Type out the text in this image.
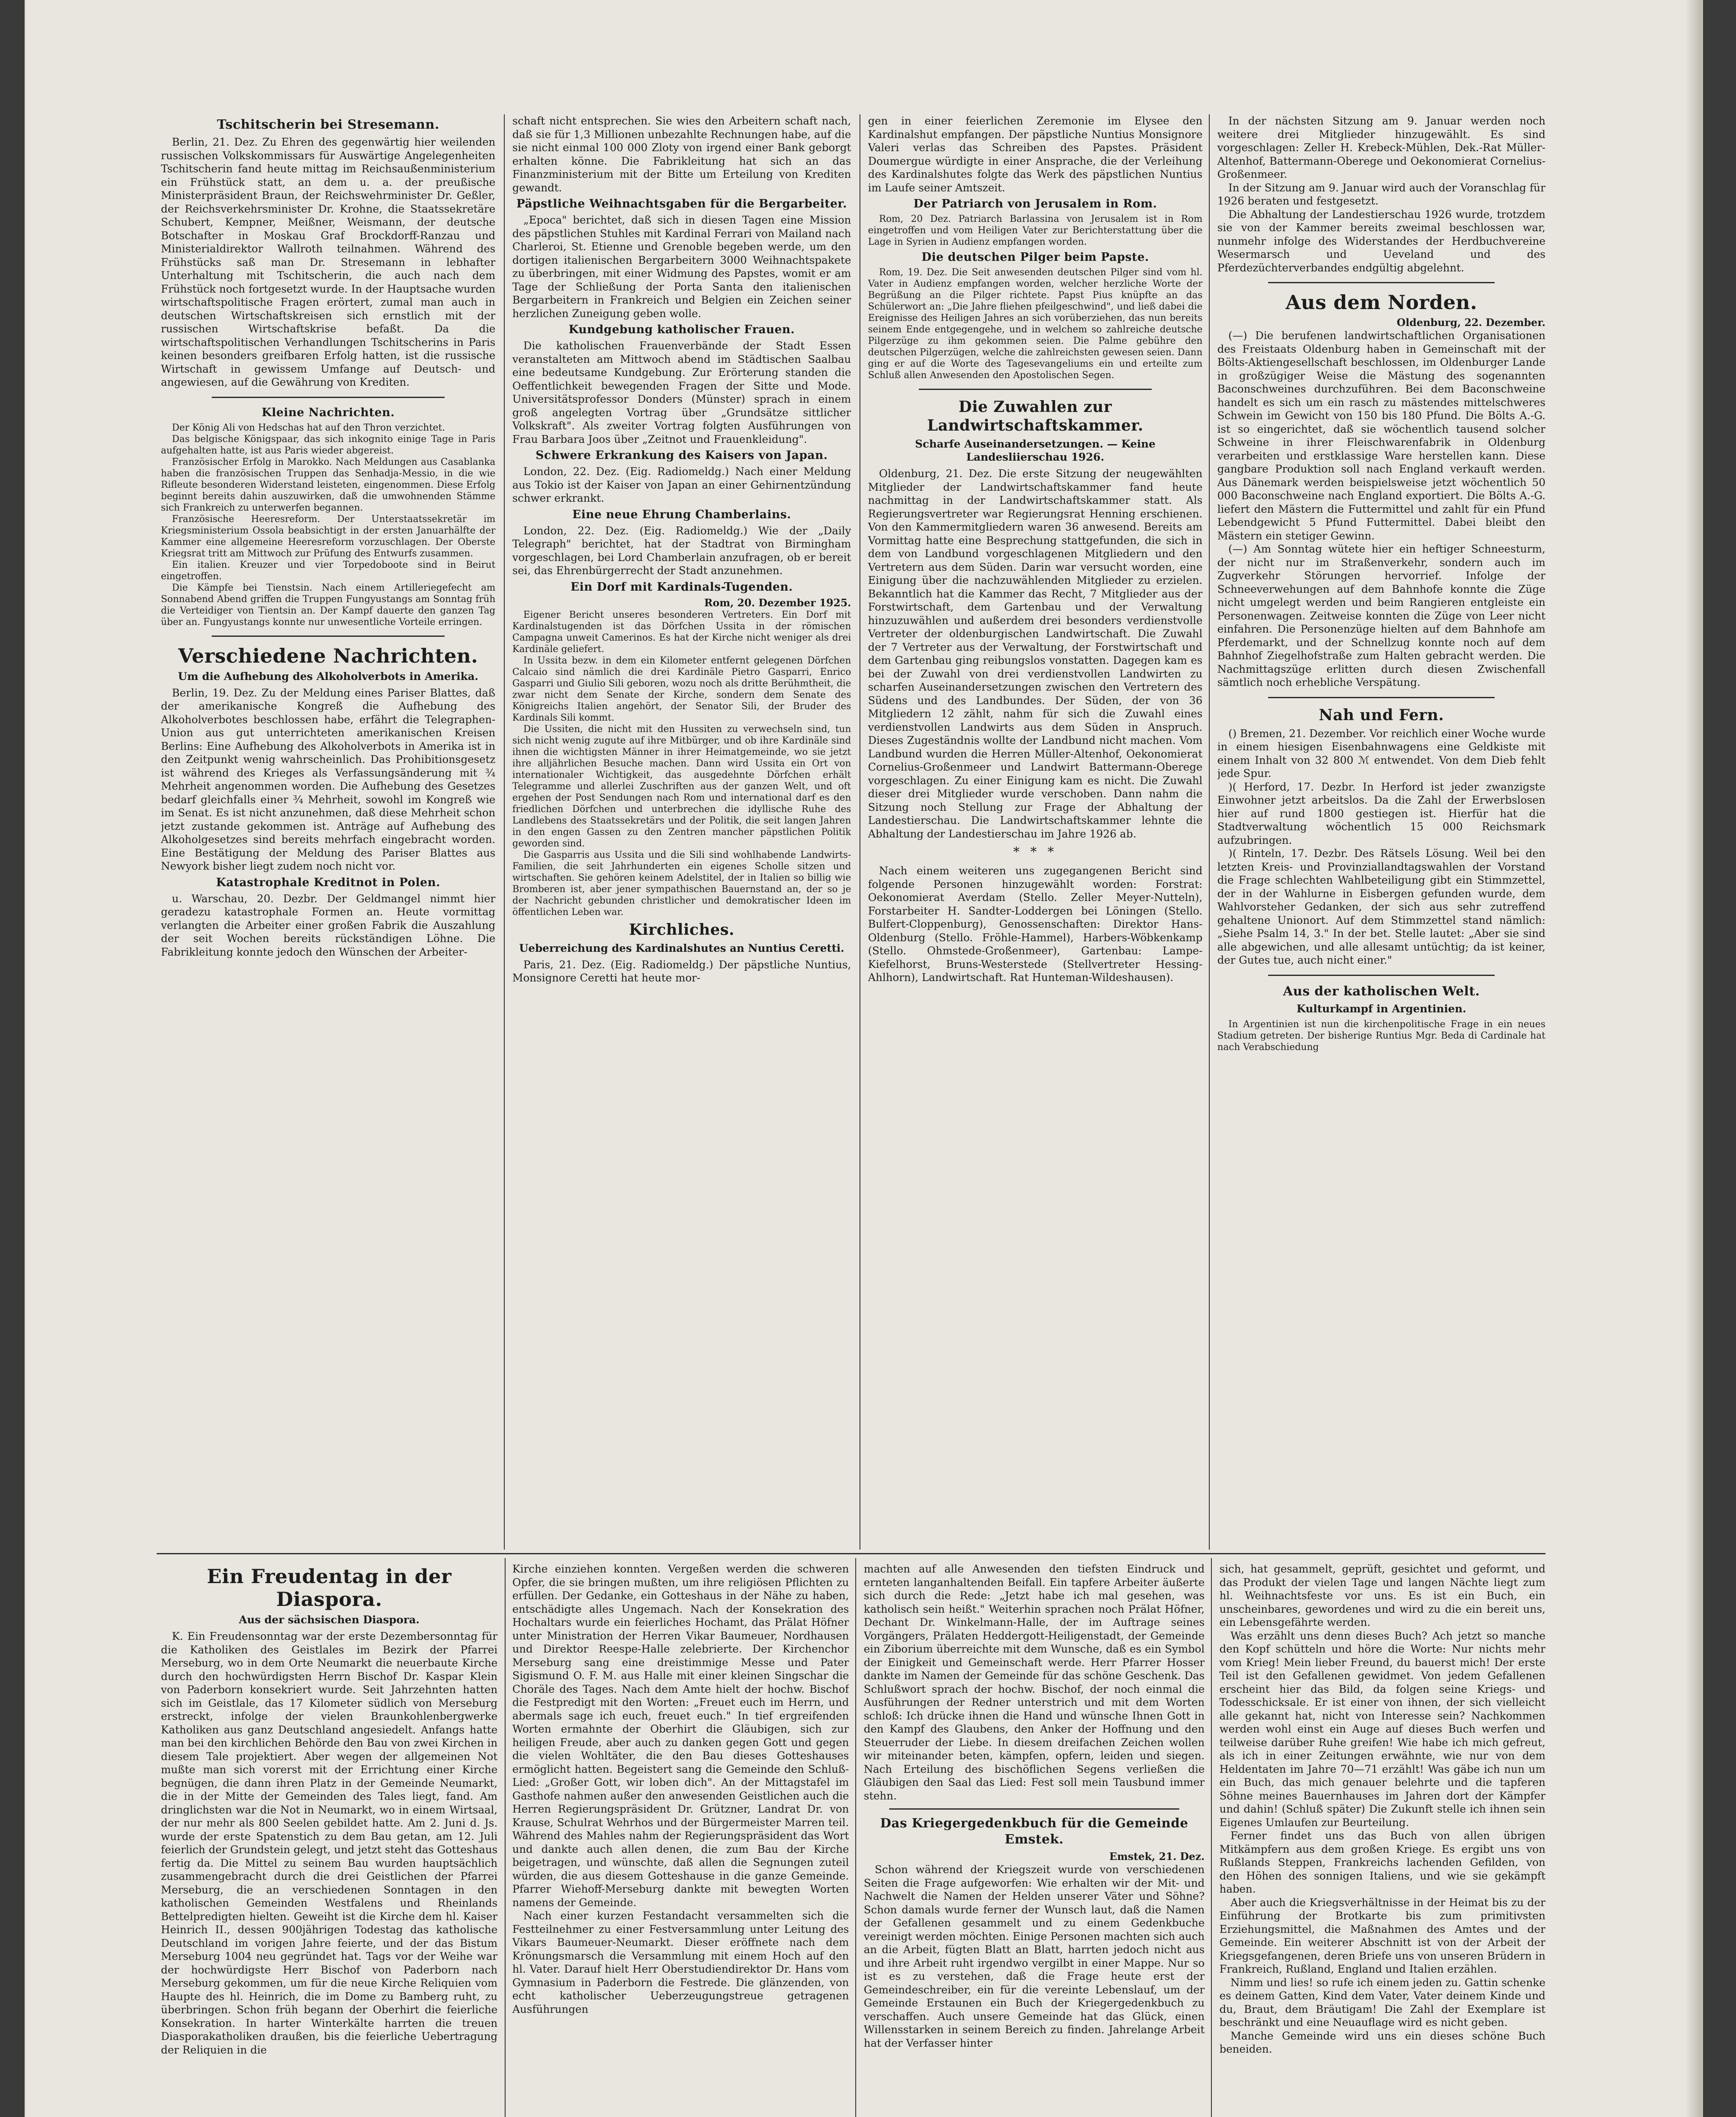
Tschitscherin bei Stresemann.

Berlin, 21. Dez. Zu Ehren des gegenwärtig hier weilenden russischen Volkskommissars für Auswärtige Angelegenheiten Tschitscherin fand heute mittag im Reichsaußenministerium ein Frühstück statt, an dem u. a. der preußische Ministerpräsident Braun, der Reichswehrminister Dr. Geßler, der Reichsverkehrsminister Dr. Krohne, die Staatssekretäre Schubert, Kempner, Meißner, Weismann, der deutsche Botschafter in Moskau Graf Brockdorff-Ranzau und Ministerialdirektor Wallroth teilnahmen. Während des Frühstücks saß man Dr. Stresemann in lebhafter Unterhaltung mit Tschitscherin, die auch nach dem Frühstück noch fortgesetzt wurde. In der Hauptsache wurden wirtschaftspolitische Fragen erörtert, zumal man auch in deutschen Wirtschaftskreisen sich ernstlich mit der russischen Wirtschaftskrise befaßt. Da die wirtschaftspolitischen Verhandlungen Tschitscherins in Paris keinen besonders greifbaren Erfolg hatten, ist die russische Wirtschaft in gewissem Umfange auf Deutsch- und angewiesen, auf die Gewährung von Krediten.

Kleine Nachrichten.

Der König Ali von Hedschas hat auf den Thron verzichtet.

Das belgische Königspaar, das sich inkognito einige Tage in Paris aufgehalten hatte, ist aus Paris wieder abgereist.

Französischer Erfolg in Marokko. Nach Meldungen aus Casablanka haben die französischen Truppen das Senhadja-Messio, in die wie Rifleute besonderen Widerstand leisteten, eingenommen. Diese Erfolg beginnt bereits dahin auszuwirken, daß die umwohnenden Stämme sich Frankreich zu unterwerfen begannen.

Französische Heeresreform. Der Unterstaatssekretär im Kriegsministerium Ossola beabsichtigt in der ersten Januarhälfte der Kammer eine allgemeine Heeresreform vorzuschlagen. Der Oberste Kriegsrat tritt am Mittwoch zur Prüfung des Entwurfs zusammen.

Ein italien. Kreuzer und vier Torpedoboote sind in Beirut eingetroffen.

Die Kämpfe bei Tienstsin. Nach einem Artilleriegefecht am Sonnabend Abend griffen die Truppen Fungyustangs am Sonntag früh die Verteidiger von Tientsin an. Der Kampf dauerte den ganzen Tag über an. Fungyustangs konnte nur unwesentliche Vorteile erringen.

Verschiedene Nachrichten.
Um die Aufhebung des Alkoholverbots in Amerika.

Berlin, 19. Dez. Zu der Meldung eines Pariser Blattes, daß der amerikanische Kongreß die Aufhebung des Alkoholverbotes beschlossen habe, erfährt die Telegraphen-Union aus gut unterrichteten amerikanischen Kreisen Berlins: Eine Aufhebung des Alkoholverbots in Amerika ist in den Zeitpunkt wenig wahrscheinlich. Das Prohibitionsgesetz ist während des Krieges als Verfassungsänderung mit ¾ Mehrheit angenommen worden. Die Aufhebung des Gesetzes bedarf gleichfalls einer ¾ Mehrheit, sowohl im Kongreß wie im Senat. Es ist nicht anzunehmen, daß diese Mehrheit schon jetzt zustande gekommen ist. Anträge auf Aufhebung des Alkoholgesetzes sind bereits mehrfach eingebracht worden. Eine Bestätigung der Meldung des Pariser Blattes aus Newyork bisher liegt zudem noch nicht vor.

Katastrophale Kreditnot in Polen.

u. Warschau, 20. Dezbr. Der Geldmangel nimmt hier geradezu katastrophale Formen an. Heute vormittag verlangten die Arbeiter einer großen Fabrik die Auszahlung der seit Wochen bereits rückständigen Löhne. Die Fabrikleitung konnte jedoch den Wünschen der Arbeiter-

schaft nicht entsprechen. Sie wies den Arbeitern schaft nach, daß sie für 1,3 Millionen unbezahlte Rechnungen habe, auf die sie nicht einmal 100 000 Zloty von irgend einer Bank geborgt erhalten könne. Die Fabrikleitung hat sich an das Finanzministerium mit der Bitte um Erteilung von Krediten gewandt.

Päpstliche Weihnachtsgaben für die Bergarbeiter.

„Epoca" berichtet, daß sich in diesen Tagen eine Mission des päpstlichen Stuhles mit Kardinal Ferrari von Mailand nach Charleroi, St. Etienne und Grenoble begeben werde, um den dortigen italienischen Bergarbeitern 3000 Weihnachtspakete zu überbringen, mit einer Widmung des Papstes, womit er am Tage der Schließung der Porta Santa den italienischen Bergarbeitern in Frankreich und Belgien ein Zeichen seiner herzlichen Zuneigung geben wolle.

Kundgebung katholischer Frauen.

Die katholischen Frauenverbände der Stadt Essen veranstalteten am Mittwoch abend im Städtischen Saalbau eine bedeutsame Kundgebung. Zur Erörterung standen die Oeffentlichkeit bewegenden Fragen der Sitte und Mode. Universitätsprofessor Donders (Münster) sprach in einem groß angelegten Vortrag über „Grundsätze sittlicher Volkskraft". Als zweiter Vortrag folgten Ausführungen von Frau Barbara Joos über „Zeitnot und Frauenkleidung".

Schwere Erkrankung des Kaisers von Japan.

London, 22. Dez. (Eig. Radiomeldg.) Nach einer Meldung aus Tokio ist der Kaiser von Japan an einer Gehirnentzündung schwer erkrankt.

Eine neue Ehrung Chamberlains.

London, 22. Dez. (Eig. Radiomeldg.) Wie der „Daily Telegraph" berichtet, hat der Stadtrat von Birmingham vorgeschlagen, bei Lord Chamberlain anzufragen, ob er bereit sei, das Ehrenbürgerrecht der Stadt anzunehmen.

Ein Dorf mit Kardinals-Tugenden.

Rom, 20. Dezember 1925.

Eigener Bericht unseres besonderen Vertreters. Ein Dorf mit Kardinalstugenden ist das Dörfchen Ussita in der römischen Campagna unweit Camerinos. Es hat der Kirche nicht weniger als drei Kardinäle geliefert.

In Ussita bezw. in dem ein Kilometer entfernt gelegenen Dörfchen Calcaio sind nämlich die drei Kardinäle Pietro Gasparri, Enrico Gasparri und Giulio Sili geboren, wozu noch als dritte Berühmtheit, die zwar nicht dem Senate der Kirche, sondern dem Senate des Königreichs Italien angehört, der Senator Sili, der Bruder des Kardinals Sili kommt.

Die Ussiten, die nicht mit den Hussiten zu verwechseln sind, tun sich nicht wenig zugute auf ihre Mitbürger, und ob ihre Kardinäle sind ihnen die wichtigsten Männer in ihrer Heimatgemeinde, wo sie jetzt ihre alljährlichen Besuche machen. Dann wird Ussita ein Ort von internationaler Wichtigkeit, das ausgedehnte Dörfchen erhält Telegramme und allerlei Zuschriften aus der ganzen Welt, und oft ergehen der Post Sendungen nach Rom und international darf es den friedlichen Dörfchen und unterbrechen die idyllische Ruhe des Landlebens des Staatssekretärs und der Politik, die seit langen Jahren in den engen Gassen zu den Zentren mancher päpstlichen Politik geworden sind.

Die Gasparris aus Ussita und die Sili sind wohlhabende Landwirts-Familien, die seit Jahrhunderten ein eigenes Scholle sitzen und wirtschaften. Sie gehören keinem Adelstitel, der in Italien so billig wie Bromberen ist, aber jener sympathischen Bauernstand an, der so je der Nachricht gebunden christlicher und demokratischer Ideen im öffentlichen Leben war.

Kirchliches.
Ueberreichung des Kardinalshutes an Nuntius Ceretti.

Paris, 21. Dez. (Eig. Radiomeldg.) Der päpstliche Nuntius, Monsignore Ceretti hat heute mor-

gen in einer feierlichen Zeremonie im Elysee den Kardinalshut empfangen. Der päpstliche Nuntius Monsignore Valeri verlas das Schreiben des Papstes. Präsident Doumergue würdigte in einer Ansprache, die der Verleihung des Kardinalshutes folgte das Werk des päpstlichen Nuntius im Laufe seiner Amtszeit.

Der Patriarch von Jerusalem in Rom.

Rom, 20 Dez. Patriarch Barlassina von Jerusalem ist in Rom eingetroffen und vom Heiligen Vater zur Berichterstattung über die Lage in Syrien in Audienz empfangen worden.

Die deutschen Pilger beim Papste.

Rom, 19. Dez. Die Seit anwesenden deutschen Pilger sind vom hl. Vater in Audienz empfangen worden, welcher herzliche Worte der Begrüßung an die Pilger richtete. Papst Pius knüpfte an das Schülerwort an: „Die Jahre fliehen pfeilgeschwind", und ließ dabei die Ereignisse des Heiligen Jahres an sich vorüberziehen, das nun bereits seinem Ende entgegengehe, und in welchem so zahlreiche deutsche Pilgerzüge zu ihm gekommen seien. Die Palme gebühre den deutschen Pilgerzügen, welche die zahlreichsten gewesen seien. Dann ging er auf die Worte des Tagesevangeliums ein und erteilte zum Schluß allen Anwesenden den Apostolischen Segen.

Die Zuwahlen zur Landwirtschaftskammer.
Scharfe Auseinandersetzungen. — Keine Landesliierschau 1926.

Oldenburg, 21. Dez. Die erste Sitzung der neugewählten Mitglieder der Landwirtschaftskammer fand heute nachmittag in der Landwirtschaftskammer statt. Als Regierungsvertreter war Regierungsrat Henning erschienen. Von den Kammermitgliedern waren 36 anwesend. Bereits am Vormittag hatte eine Besprechung stattgefunden, die sich in dem von Landbund vorgeschlagenen Mitgliedern und den Vertretern aus dem Süden. Darin war versucht worden, eine Einigung über die nachzuwählenden Mitglieder zu erzielen. Bekanntlich hat die Kammer das Recht, 7 Mitglieder aus der Forstwirtschaft, dem Gartenbau und der Verwaltung hinzuzuwählen und außerdem drei besonders verdienstvolle Vertreter der oldenburgischen Landwirtschaft. Die Zuwahl der 7 Vertreter aus der Verwaltung, der Forstwirtschaft und dem Gartenbau ging reibungslos vonstatten. Dagegen kam es bei der Zuwahl von drei verdienstvollen Landwirten zu scharfen Auseinandersetzungen zwischen den Vertretern des Südens und des Landbundes. Der Süden, der von 36 Mitgliedern 12 zählt, nahm für sich die Zuwahl eines verdienstvollen Landwirts aus dem Süden in Anspruch. Dieses Zugeständnis wollte der Landbund nicht machen. Vom Landbund wurden die Herren Müller-Altenhof, Oekonomierat Cornelius-Großenmeer und Landwirt Battermann-Oberege vorgeschlagen. Zu einer Einigung kam es nicht. Die Zuwahl dieser drei Mitglieder wurde verschoben. Dann nahm die Sitzung noch Stellung zur Frage der Abhaltung der Landestierschau. Die Landwirtschaftskammer lehnte die Abhaltung der Landestierschau im Jahre 1926 ab.

* * *

Nach einem weiteren uns zugegangenen Bericht sind folgende Personen hinzugewählt worden: Forstrat: Oekonomierat Averdam (Stello. Zeller Meyer-Nutteln), Forstarbeiter H. Sandter-Loddergen bei Löningen (Stello. Bulfert-Cloppenburg), Genossenschaften: Direktor Hans-Oldenburg (Stello. Fröhle-Hammel), Harbers-Wöbkenkamp (Stello. Ohmstede-Großenmeer), Gartenbau: Lampe-Kiefelhorst, Bruns-Westerstede (Stellvertreter Hessing-Ahlhorn), Landwirtschaft. Rat Hunteman-Wildeshausen).

In der nächsten Sitzung am 9. Januar werden noch weitere drei Mitglieder hinzugewählt. Es sind vorgeschlagen: Zeller H. Krebeck-Mühlen, Dek.-Rat Müller-Altenhof, Battermann-Oberege und Oekonomierat Cornelius-Großenmeer.

In der Sitzung am 9. Januar wird auch der Voranschlag für 1926 beraten und festgesetzt.

Die Abhaltung der Landestierschau 1926 wurde, trotzdem sie von der Kammer bereits zweimal beschlossen war, nunmehr infolge des Widerstandes der Herdbuchvereine Wesermarsch und Ueveland und des Pferdezüchterverbandes endgültig abgelehnt.

Aus dem Norden.

Oldenburg, 22. Dezember.

(—) Die berufenen landwirtschaftlichen Organisationen des Freistaats Oldenburg haben in Gemeinschaft mit der Bölts-Aktiengesellschaft beschlossen, im Oldenburger Lande in großzügiger Weise die Mästung des sogenannten Baconschweines durchzuführen. Bei dem Baconschweine handelt es sich um ein rasch zu mästendes mittelschweres Schwein im Gewicht von 150 bis 180 Pfund. Die Bölts A.-G. ist so eingerichtet, daß sie wöchentlich tausend solcher Schweine in ihrer Fleischwarenfabrik in Oldenburg verarbeiten und erstklassige Ware herstellen kann. Diese gangbare Produktion soll nach England verkauft werden. Aus Dänemark werden beispielsweise jetzt wöchentlich 50 000 Baconschweine nach England exportiert. Die Bölts A.-G. liefert den Mästern die Futtermittel und zahlt für ein Pfund Lebendgewicht 5 Pfund Futtermittel. Dabei bleibt den Mästern ein stetiger Gewinn.

(—) Am Sonntag wütete hier ein heftiger Schneesturm, der nicht nur im Straßenverkehr, sondern auch im Zugverkehr Störungen hervorrief. Infolge der Schneeverwehungen auf dem Bahnhofe konnte die Züge nicht umgelegt werden und beim Rangieren entgleiste ein Personenwagen. Zeitweise konnten die Züge von Leer nicht einfahren. Die Personenzüge hielten auf dem Bahnhofe am Pferdemarkt, und der Schnellzug konnte noch auf dem Bahnhof Ziegelhofstraße zum Halten gebracht werden. Die Nachmittagszüge erlitten durch diesen Zwischenfall sämtlich noch erhebliche Verspätung.

Nah und Fern.

() Bremen, 21. Dezember. Vor reichlich einer Woche wurde in einem hiesigen Eisenbahnwagens eine Geldkiste mit einem Inhalt von 32 800 ℳ entwendet. Von dem Dieb fehlt jede Spur.

)( Herford, 17. Dezbr. In Herford ist jeder zwanzigste Einwohner jetzt arbeitslos. Da die Zahl der Erwerbslosen hier auf rund 1800 gestiegen ist. Hierfür hat die Stadtverwaltung wöchentlich 15 000 Reichsmark aufzubringen.

)( Rinteln, 17. Dezbr. Des Rätsels Lösung. Weil bei den letzten Kreis- und Provinziallandtagswahlen der Vorstand die Frage schlechten Wahlbeteiligung gibt ein Stimmzettel, der in der Wahlurne in Eisbergen gefunden wurde, dem Wahlvorsteher Gedanken, der sich aus sehr zutreffend gehaltene Unionort. Auf dem Stimmzettel stand nämlich: „Siehe Psalm 14, 3." In der bet. Stelle lautet: „Aber sie sind alle abgewichen, und alle allesamt untüchtig; da ist keiner, der Gutes tue, auch nicht einer."

Aus der katholischen Welt.
Kulturkampf in Argentinien.

In Argentinien ist nun die kirchenpolitische Frage in ein neues Stadium getreten. Der bisherige Runtius Mgr. Beda di Cardinale hat nach Verabschiedung

Ein Freudentag in der Diaspora.
Aus der sächsischen Diaspora.

K. Ein Freudensonntag war der erste Dezembersonntag für die Katholiken des Geistlales im Bezirk der Pfarrei Merseburg, wo in dem Orte Neumarkt die neuerbaute Kirche durch den hochwürdigsten Herrn Bischof Dr. Kaspar Klein von Paderborn konsekriert wurde. Seit Jahrzehnten hatten sich im Geistlale, das 17 Kilometer südlich von Merseburg erstreckt, infolge der vielen Braunkohlenbergwerke Katholiken aus ganz Deutschland angesiedelt. Anfangs hatte man bei den kirchlichen Behörde den Bau von zwei Kirchen in diesem Tale projektiert. Aber wegen der allgemeinen Not mußte man sich vorerst mit der Errichtung einer Kirche begnügen, die dann ihren Platz in der Gemeinde Neumarkt, die in der Mitte der Gemeinden des Tales liegt, fand. Am dringlichsten war die Not in Neumarkt, wo in einem Wirtsaal, der nur mehr als 800 Seelen gebildet hatte. Am 2. Juni d. Js. wurde der erste Spatenstich zu dem Bau getan, am 12. Juli feierlich der Grundstein gelegt, und jetzt steht das Gotteshaus fertig da. Die Mittel zu seinem Bau wurden hauptsächlich zusammengebracht durch die drei Geistlichen der Pfarrei Merseburg, die an verschiedenen Sonntagen in den katholischen Gemeinden Westfalens und Rheinlands Bettelpredigten hielten. Geweiht ist die Kirche dem hl. Kaiser Heinrich II., dessen 900jährigen Todestag das katholische Deutschland im vorigen Jahre feierte, und der das Bistum Merseburg 1004 neu gegründet hat. Tags vor der Weihe war der hochwürdigste Herr Bischof von Paderborn nach Merseburg gekommen, um für die neue Kirche Reliquien vom Haupte des hl. Heinrich, die im Dome zu Bamberg ruht, zu überbringen. Schon früh begann der Oberhirt die feierliche Konsekration. In harter Winterkälte harrten die treuen Diasporakatholiken draußen, bis die feierliche Uebertragung der Reliquien in die

Kirche einziehen konnten. Vergeßen werden die schweren Opfer, die sie bringen mußten, um ihre religiösen Pflichten zu erfüllen. Der Gedanke, ein Gotteshaus in der Nähe zu haben, entschädigte alles Ungemach. Nach der Konsekration des Hochaltars wurde ein feierliches Hochamt, das Prälat Höfner unter Ministration der Herren Vikar Baumeuer, Nordhausen und Direktor Reespe-Halle zelebrierte. Der Kirchenchor Merseburg sang eine dreistimmige Messe und Pater Sigismund O. F. M. aus Halle mit einer kleinen Singschar die Choräle des Tages. Nach dem Amte hielt der hochw. Bischof die Festpredigt mit den Worten: „Freuet euch im Herrn, und abermals sage ich euch, freuet euch." In tief ergreifenden Worten ermahnte der Oberhirt die Gläubigen, sich zur heiligen Freude, aber auch zu danken gegen Gott und gegen die vielen Wohltäter, die den Bau dieses Gotteshauses ermöglicht hatten. Begeistert sang die Gemeinde den Schluß-Lied: „Großer Gott, wir loben dich". An der Mittagstafel im Gasthofe nahmen außer den anwesenden Geistlichen auch die Herren Regierungspräsident Dr. Grützner, Landrat Dr. von Krause, Schulrat Wehrhos und der Bürgermeister Marren teil. Während des Mahles nahm der Regierungspräsident das Wort und dankte auch allen denen, die zum Bau der Kirche beigetragen, und wünschte, daß allen die Segnungen zuteil würden, die aus diesem Gotteshause in die ganze Gemeinde. Pfarrer Wiehoff-Merseburg dankte mit bewegten Worten namens der Gemeinde.

Nach einer kurzen Festandacht versammelten sich die Festteilnehmer zu einer Festversammlung unter Leitung des Vikars Baumeuer-Neumarkt. Dieser eröffnete nach dem Krönungsmarsch die Versammlung mit einem Hoch auf den hl. Vater. Darauf hielt Herr Oberstudiendirektor Dr. Hans vom Gymnasium in Paderborn die Festrede. Die glänzenden, von echt katholischer Ueberzeugungstreue getragenen Ausführungen

machten auf alle Anwesenden den tiefsten Eindruck und ernteten langanhaltenden Beifall. Ein tapfere Arbeiter äußerte sich durch die Rede: „Jetzt habe ich mal gesehen, was katholisch sein heißt." Weiterhin sprachen noch Prälat Höfner, Dechant Dr. Winkelmann-Halle, der im Auftrage seines Vorgängers, Prälaten Heddergott-Heiligenstadt, der Gemeinde ein Ziborium überreichte mit dem Wunsche, daß es ein Symbol der Einigkeit und Gemeinschaft werde. Herr Pfarrer Hosser dankte im Namen der Gemeinde für das schöne Geschenk. Das Schlußwort sprach der hochw. Bischof, der noch einmal die Ausführungen der Redner unterstrich und mit dem Worten schloß: Ich drücke ihnen die Hand und wünsche Ihnen Gott in den Kampf des Glaubens, den Anker der Hoffnung und den Steuerruder der Liebe. In diesem dreifachen Zeichen wollen wir miteinander beten, kämpfen, opfern, leiden und siegen. Nach Erteilung des bischöflichen Segens verließen die Gläubigen den Saal das Lied: Fest soll mein Tausbund immer stehn.

Das Kriegergedenkbuch für die Gemeinde Emstek.

Emstek, 21. Dez.

Schon während der Kriegszeit wurde von verschiedenen Seiten die Frage aufgeworfen: Wie erhalten wir der Mit- und Nachwelt die Namen der Helden unserer Väter und Söhne? Schon damals wurde ferner der Wunsch laut, daß die Namen der Gefallenen gesammelt und zu einem Gedenkbuche vereinigt werden möchten. Einige Personen machten sich auch an die Arbeit, fügten Blatt an Blatt, harrten jedoch nicht aus und ihre Arbeit ruht irgendwo vergilbt in einer Mappe. Nur so ist es zu verstehen, daß die Frage heute erst der Gemeindeschreiber, ein für die vereinte Lebenslauf, um der Gemeinde Erstaunen ein Buch der Kriegergedenkbuch zu verschaffen. Auch unsere Gemeinde hat das Glück, einen Willensstarken in seinem Bereich zu finden. Jahrelange Arbeit hat der Verfasser hinter

sich, hat gesammelt, geprüft, gesichtet und geformt, und das Produkt der vielen Tage und langen Nächte liegt zum hl. Weihnachtsfeste vor uns. Es ist ein Buch, ein unscheinbares, gewordenes und wird zu die ein bereit uns, ein Lebensgefährte werden.

Was erzählt uns denn dieses Buch? Ach jetzt so manche den Kopf schütteln und höre die Worte: Nur nichts mehr vom Krieg! Mein lieber Freund, du bauerst mich! Der erste Teil ist den Gefallenen gewidmet. Von jedem Gefallenen erscheint hier das Bild, da folgen seine Kriegs- und Todesschicksale. Er ist einer von ihnen, der sich vielleicht alle gekannt hat, nicht von Interesse sein? Nachkommen werden wohl einst ein Auge auf dieses Buch werfen und teilweise darüber Ruhe greifen! Wie habe ich mich gefreut, als ich in einer Zeitungen erwähnte, wie nur von dem Heldentaten im Jahre 70—71 erzählt! Was gäbe ich nun um ein Buch, das mich genauer belehrte und die tapferen Söhne meines Bauernhauses im Jahren dort der Kämpfer und dahin! (Schluß später) Die Zukunft stelle ich ihnen sein Eigenes Umlaufen zur Beurteilung.

Ferner findet uns das Buch von allen übrigen Mitkämpfern aus dem großen Kriege. Es ergibt uns von Rußlands Steppen, Frankreichs lachenden Gefilden, von den Höhen des sonnigen Italiens, und wie sie gekämpft haben.

Aber auch die Kriegsverhältnisse in der Heimat bis zu der Einführung der Brotkarte bis zum primitivsten Erziehungsmittel, die Maßnahmen des Amtes und der Gemeinde. Ein weiterer Abschnitt ist von der Arbeit der Kriegsgefangenen, deren Briefe uns von unseren Brüdern in Frankreich, Rußland, England und Italien erzählen.

Nimm und lies! so rufe ich einem jeden zu. Gattin schenke es deinem Gatten, Kind dem Vater, Vater deinem Kinde und du, Braut, dem Bräutigam! Die Zahl der Exemplare ist beschränkt und eine Neuauflage wird es nicht geben.

Manche Gemeinde wird uns ein dieses schöne Buch beneiden.
